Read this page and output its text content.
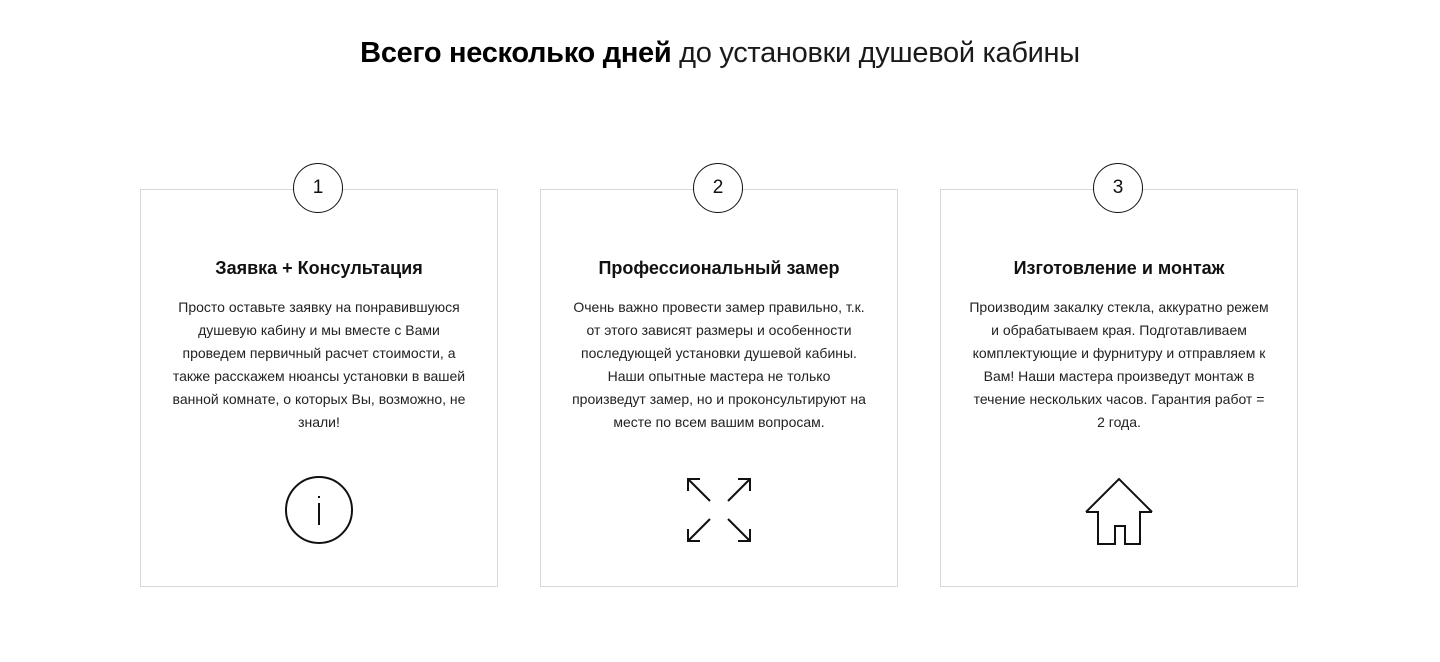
Всего несколько дней до установки душевой кабины
1
Заявка + Консультация
Просто оставьте заявку на понравившуюся душевую кабину и мы вместе с Вами проведем первичный расчет стоимости, а также расскажем нюансы установки в вашей ванной комнате, о которых Вы, возможно, не знали!
2
Профессиональный замер
Очень важно провести замер правильно, т.к. от этого зависят размеры и особенности последующей установки душевой кабины. Наши опытные мастера не только произведут замер, но и проконсультируют на месте по всем вашим вопросам.
3
Изготовление и монтаж
Производим закалку стекла, аккуратно режем и обрабатываем края. Подготавливаем комплектующие и фурнитуру и отправляем к Вам! Наши мастера произведут монтаж в течение нескольких часов. Гарантия работ = 2 года.
